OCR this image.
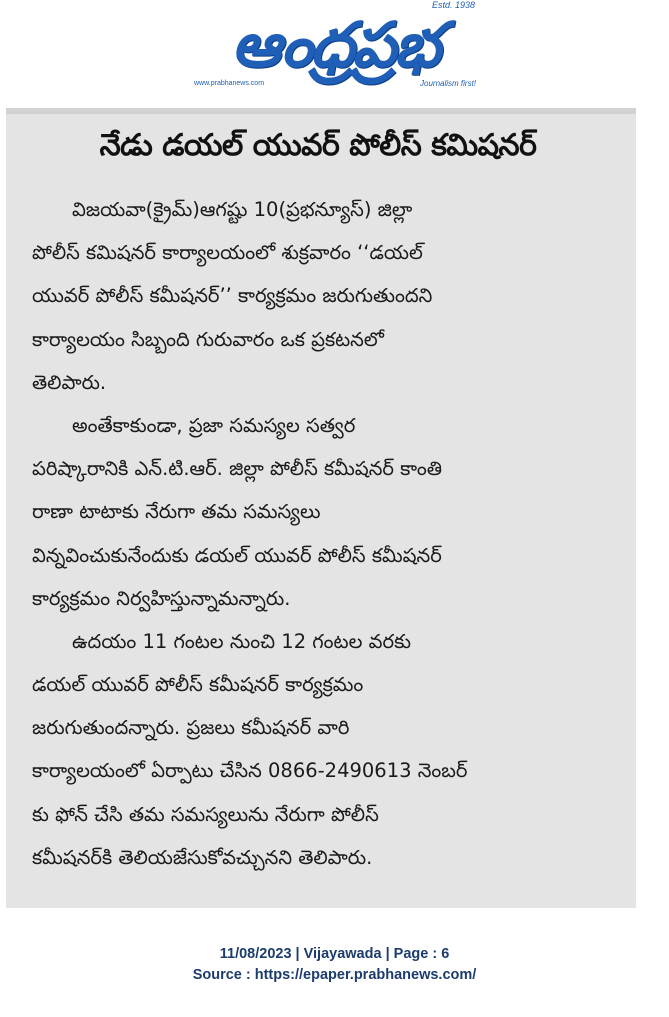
ఆంధ్రప్రభ
Estd. 1938
www.prabhanews.com	Journalism first!
నేడు డయల్ యువర్ పోలీస్ కమిషనర్
విజయవా(క్రైమ్)ఆగష్టు 10(ప్రభన్యూస్) జిల్లా
పోలీస్ కమిషనర్ కార్యాలయంలో శుక్రవారం ‘‘డయల్
యువర్ పోలీస్ కమీషనర్’’ కార్యక్రమం జరుగుతుందని
కార్యాలయం సిబ్బంది గురువారం ఒక ప్రకటనలో
తెలిపారు.
అంతేకాకుండా, ప్రజా సమస్యల సత్వర
పరిష్కారానికి ఎన్.టి.ఆర్. జిల్లా పోలీస్ కమీషనర్ కాంతి
రాణా టాటాకు నేరుగా తమ సమస్యలు
విన్నవించుకునేందుకు డయల్ యువర్ పోలీస్ కమీషనర్
కార్యక్రమం నిర్వహిస్తున్నామన్నారు.
ఉదయం 11 గంటల నుంచి 12 గంటల వరకు
డయల్ యువర్ పోలీస్ కమీషనర్ కార్యక్రమం
జరుగుతుందన్నారు. ప్రజలు కమీషనర్ వారి
కార్యాలయంలో ఏర్పాటు చేసిన 0866-2490613 నెంబర్
కు ఫోన్ చేసి తమ సమస్యలును నేరుగా పోలీస్
కమీషనర్‌కి తెలియజేసుకోవచ్చునని తెలిపారు.
11/08/2023 | Vijayawada | Page : 6
Source : https://epaper.prabhanews.com/
